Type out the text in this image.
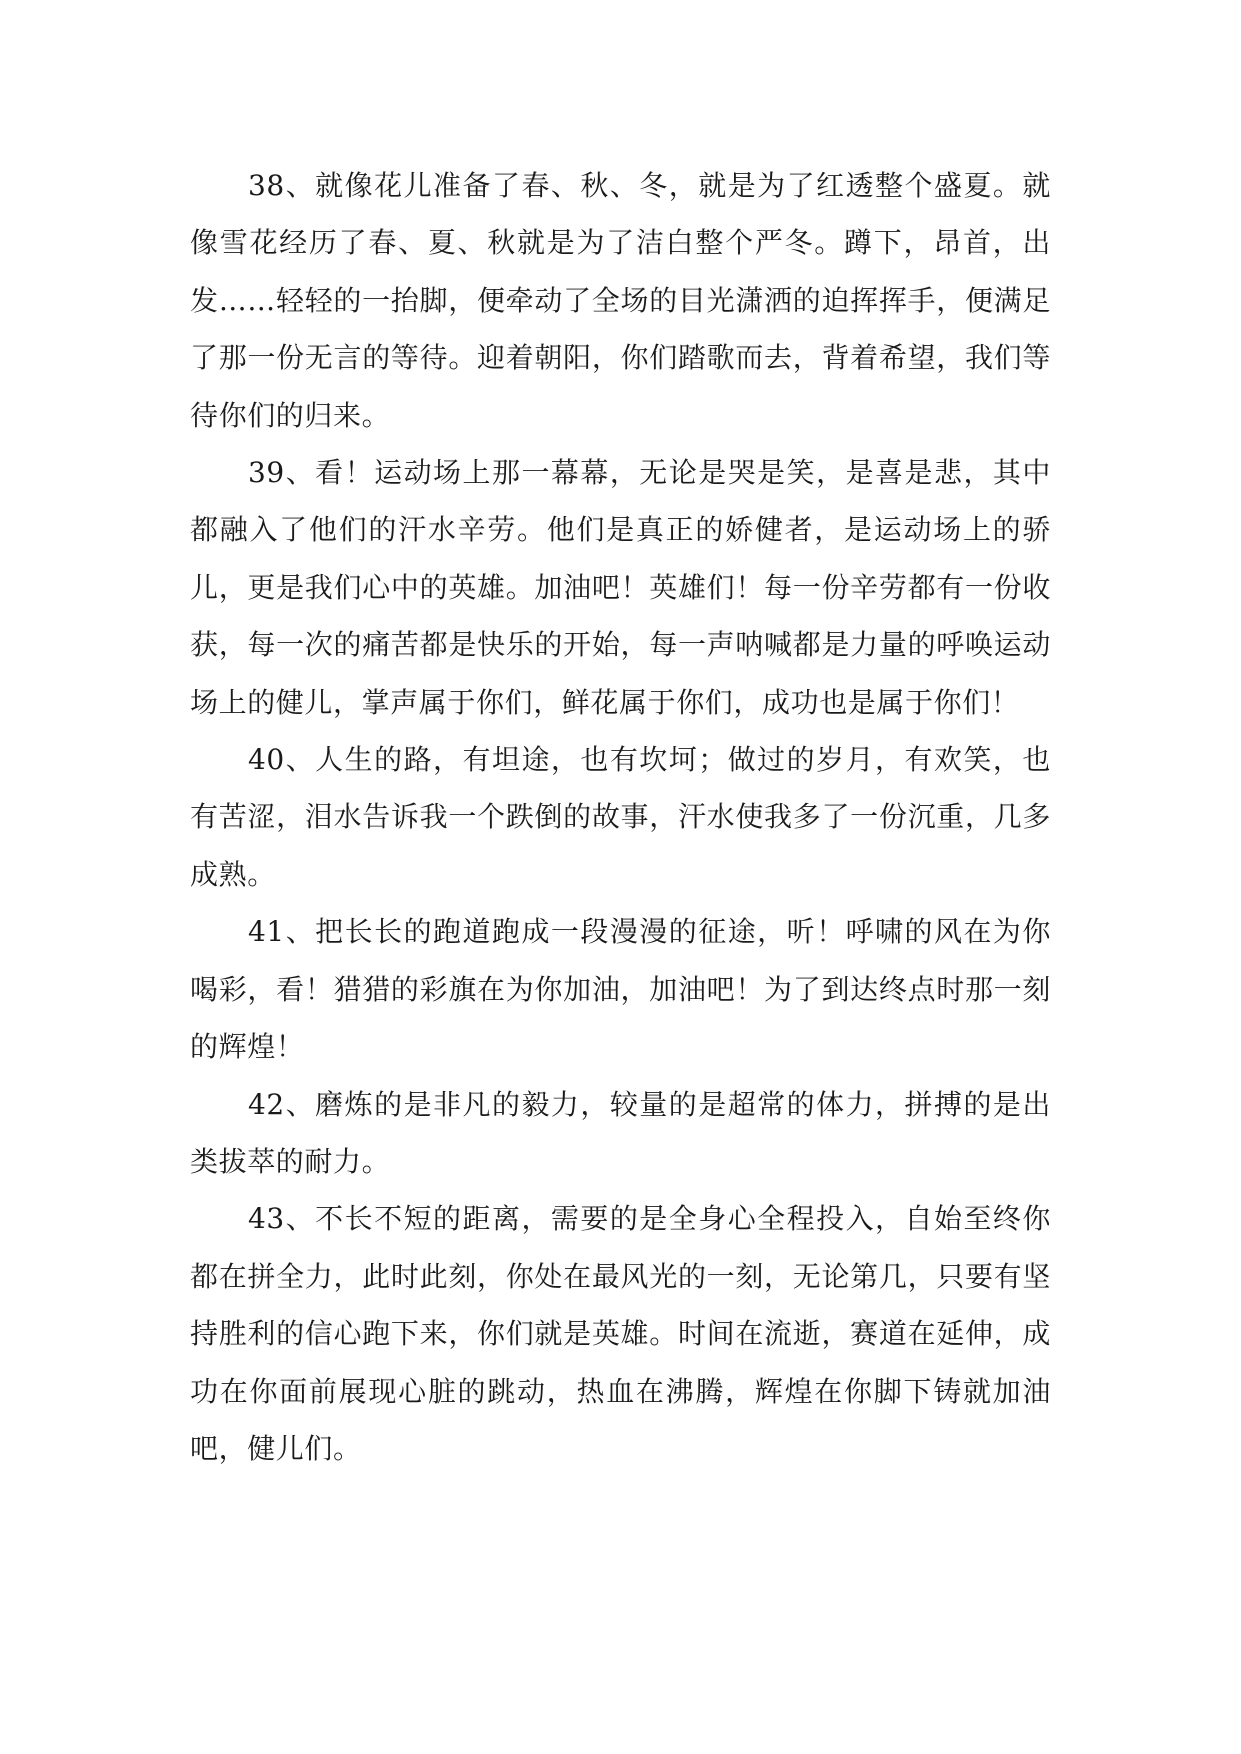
38、就像花儿准备了春、秋、冬，就是为了红透整个盛夏。就像雪花经历了春、夏、秋就是为了洁白整个严冬。蹲下，昂首，出发……轻轻的一抬脚，便牵动了全场的目光潇洒的迫挥挥手，便满足了那一份无言的等待。迎着朝阳，你们踏歌而去，背着希望，我们等待你们的归来。

39、看！运动场上那一幕幕，无论是哭是笑，是喜是悲，其中都融入了他们的汗水辛劳。他们是真正的娇健者，是运动场上的骄儿，更是我们心中的英雄。加油吧！英雄们！每一份辛劳都有一份收获，每一次的痛苦都是快乐的开始，每一声呐喊都是力量的呼唤运动场上的健儿，掌声属于你们，鲜花属于你们，成功也是属于你们！

40、人生的路，有坦途，也有坎坷；做过的岁月，有欢笑，也有苦涩，泪水告诉我一个跌倒的故事，汗水使我多了一份沉重，几多成熟。

41、把长长的跑道跑成一段漫漫的征途，听！呼啸的风在为你喝彩，看！猎猎的彩旗在为你加油，加油吧！为了到达终点时那一刻的辉煌！

42、磨炼的是非凡的毅力，较量的是超常的体力，拼搏的是出类拔萃的耐力。

43、不长不短的距离，需要的是全身心全程投入，自始至终你都在拼全力，此时此刻，你处在最风光的一刻，无论第几，只要有坚持胜利的信心跑下来，你们就是英雄。时间在流逝，赛道在延伸，成功在你面前展现心脏的跳动，热血在沸腾，辉煌在你脚下铸就加油吧，健儿们。
